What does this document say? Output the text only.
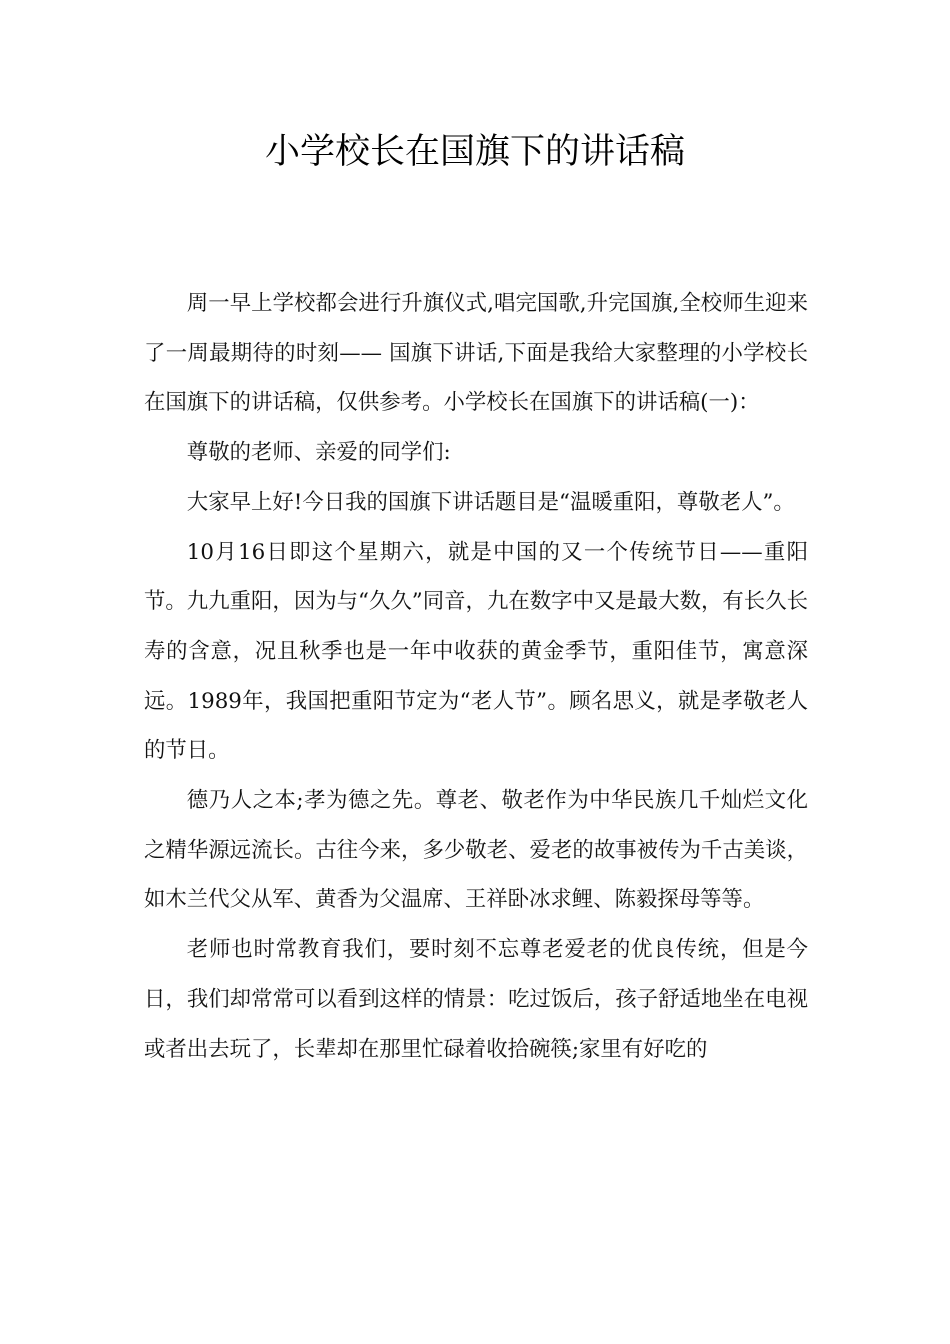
小学校长在国旗下的讲话稿

周一早上学校都会进行升旗仪式,唱完国歌,升完国旗,全校师生迎来了一周最期待的时刻—— 国旗下讲话,下面是我给大家整理的小学校长在国旗下的讲话稿，仅供参考。小学校长在国旗下的讲话稿(一)：

尊敬的老师、亲爱的同学们:

大家早上好!今日我的国旗下讲话题目是“温暖重阳，尊敬老人”。

10月16日即这个星期六，就是中国的又一个传统节日——重阳节。九九重阳，因为与“久久”同音，九在数字中又是最大数，有长久长寿的含意，况且秋季也是一年中收获的黄金季节，重阳佳节，寓意深远。1989年，我国把重阳节定为“老人节”。顾名思义，就是孝敬老人的节日。

德乃人之本;孝为德之先。尊老、敬老作为中华民族几千灿烂文化之精华源远流长。古往今来，多少敬老、爱老的故事被传为千古美谈，如木兰代父从军、黄香为父温席、王祥卧冰求鲤、陈毅探母等等。

老师也时常教育我们，要时刻不忘尊老爱老的优良传统，但是今日，我们却常常可以看到这样的情景：吃过饭后，孩子舒适地坐在电视或者出去玩了，长辈却在那里忙碌着收拾碗筷;家里有好吃的
